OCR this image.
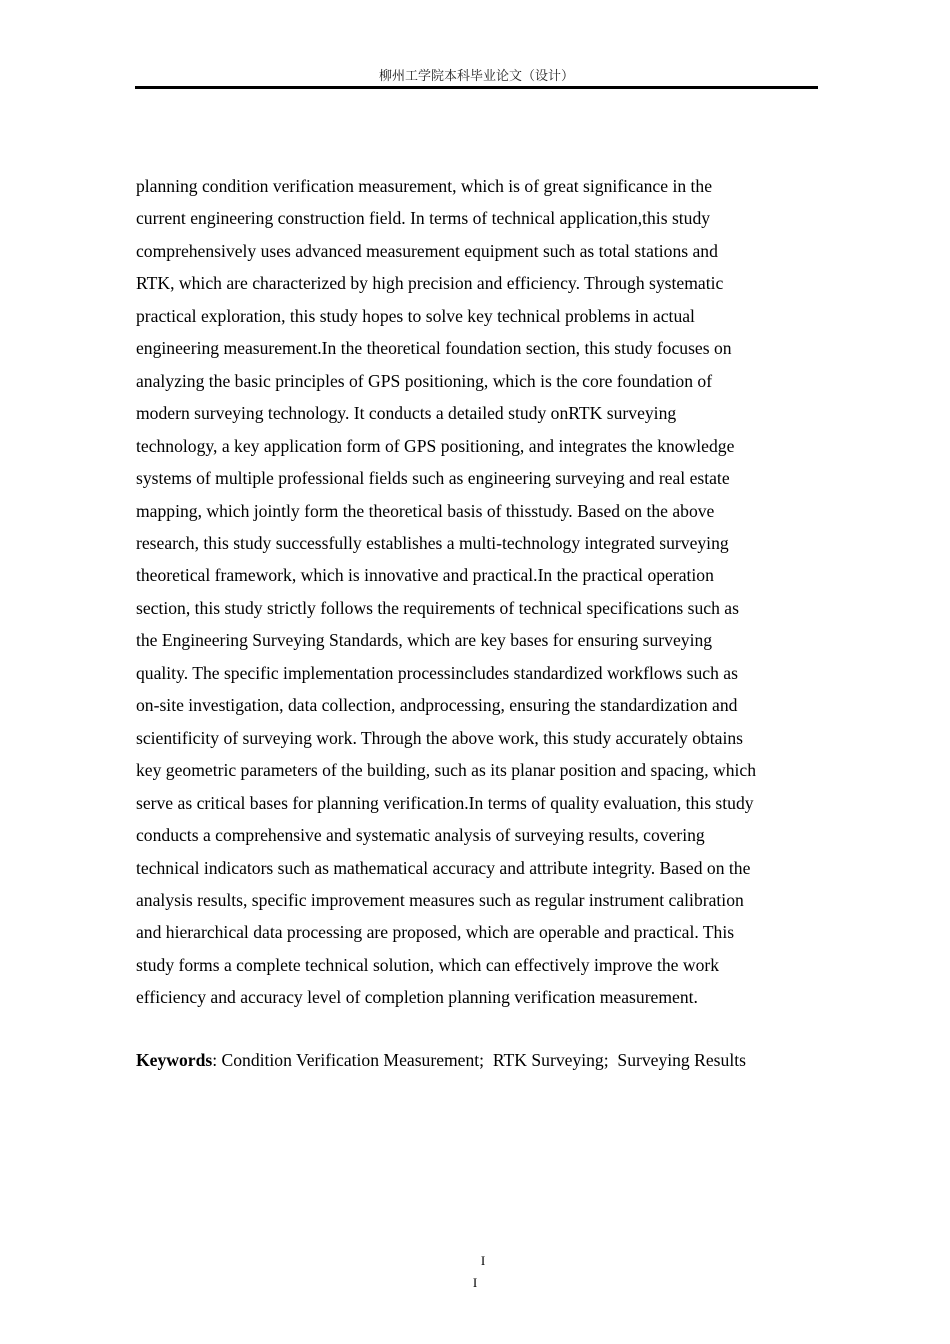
柳州工学院本科毕业论文（设计）

planning condition verification measurement, which is of great significance in the
current engineering construction field. In terms of technical application,this study
comprehensively uses advanced measurement equipment such as total stations and
RTK, which are characterized by high precision and efficiency. Through systematic
practical exploration, this study hopes to solve key technical problems in actual
engineering measurement.In the theoretical foundation section, this study focuses on
analyzing the basic principles of GPS positioning, which is the core foundation of
modern surveying technology. It conducts a detailed study onRTK surveying
technology, a key application form of GPS positioning, and integrates the knowledge
systems of multiple professional fields such as engineering surveying and real estate
mapping, which jointly form the theoretical basis of thisstudy. Based on the above
research, this study successfully establishes a multi-technology integrated surveying
theoretical framework, which is innovative and practical.In the practical operation
section, this study strictly follows the requirements of technical specifications such as
the Engineering Surveying Standards, which are key bases for ensuring surveying
quality. The specific implementation processincludes standardized workflows such as
on-site investigation, data collection, andprocessing, ensuring the standardization and
scientificity of surveying work. Through the above work, this study accurately obtains
key geometric parameters of the building, such as its planar position and spacing, which
serve as critical bases for planning verification.In terms of quality evaluation, this study
conducts a comprehensive and systematic analysis of surveying results, covering
technical indicators such as mathematical accuracy and attribute integrity. Based on the
analysis results, specific improvement measures such as regular instrument calibration
and hierarchical data processing are proposed, which are operable and practical. This
study forms a complete technical solution, which can effectively improve the work
efficiency and accuracy level of completion planning verification measurement.

Keywords: Condition Verification Measurement;  RTK Surveying;  Surveying Results

I
I
